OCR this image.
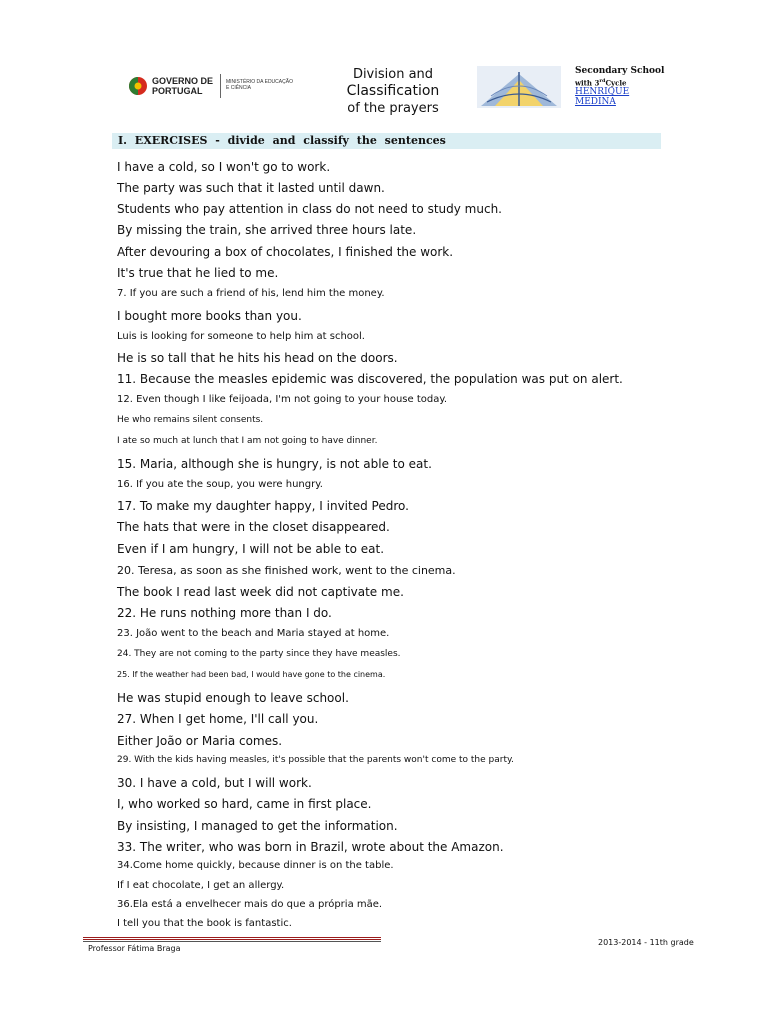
GOVERNO DE
PORTUGAL
MINISTÉRIO DA EDUCAÇÃO
E CIÊNCIA
Division and
Classification
of the prayers
Secondary School
with 3rdCycle
HENRIQUE
MEDINA
I. EXERCISES - divide and classify the sentences
I have a cold, so I won't go to work.
The party was such that it lasted until dawn.
Students who pay attention in class do not need to study much.
By missing the train, she arrived three hours late.
After devouring a box of chocolates, I finished the work.
It's true that he lied to me.
7. If you are such a friend of his, lend him the money.
I bought more books than you.
Luis is looking for someone to help him at school.
He is so tall that he hits his head on the doors.
11. Because the measles epidemic was discovered, the population was put on alert.
12. Even though I like feijoada, I'm not going to your house today.
He who remains silent consents.
I ate so much at lunch that I am not going to have dinner.
15. Maria, although she is hungry, is not able to eat.
16. If you ate the soup, you were hungry.
17. To make my daughter happy, I invited Pedro.
The hats that were in the closet disappeared.
Even if I am hungry, I will not be able to eat.
20. Teresa, as soon as she finished work, went to the cinema.
The book I read last week did not captivate me.
22. He runs nothing more than I do.
23. João went to the beach and Maria stayed at home.
24. They are not coming to the party since they have measles.
25. If the weather had been bad, I would have gone to the cinema.
He was stupid enough to leave school.
27. When I get home, I'll call you.
Either João or Maria comes.
29. With the kids having measles, it's possible that the parents won't come to the party.
30. I have a cold, but I will work.
I, who worked so hard, came in first place.
By insisting, I managed to get the information.
33. The writer, who was born in Brazil, wrote about the Amazon.
34.Come home quickly, because dinner is on the table.
If I eat chocolate, I get an allergy.
36.Ela está a envelhecer mais do que a própria mãe.
I tell you that the book is fantastic.
Professor Fátima Braga
2013-2014 - 11th grade
